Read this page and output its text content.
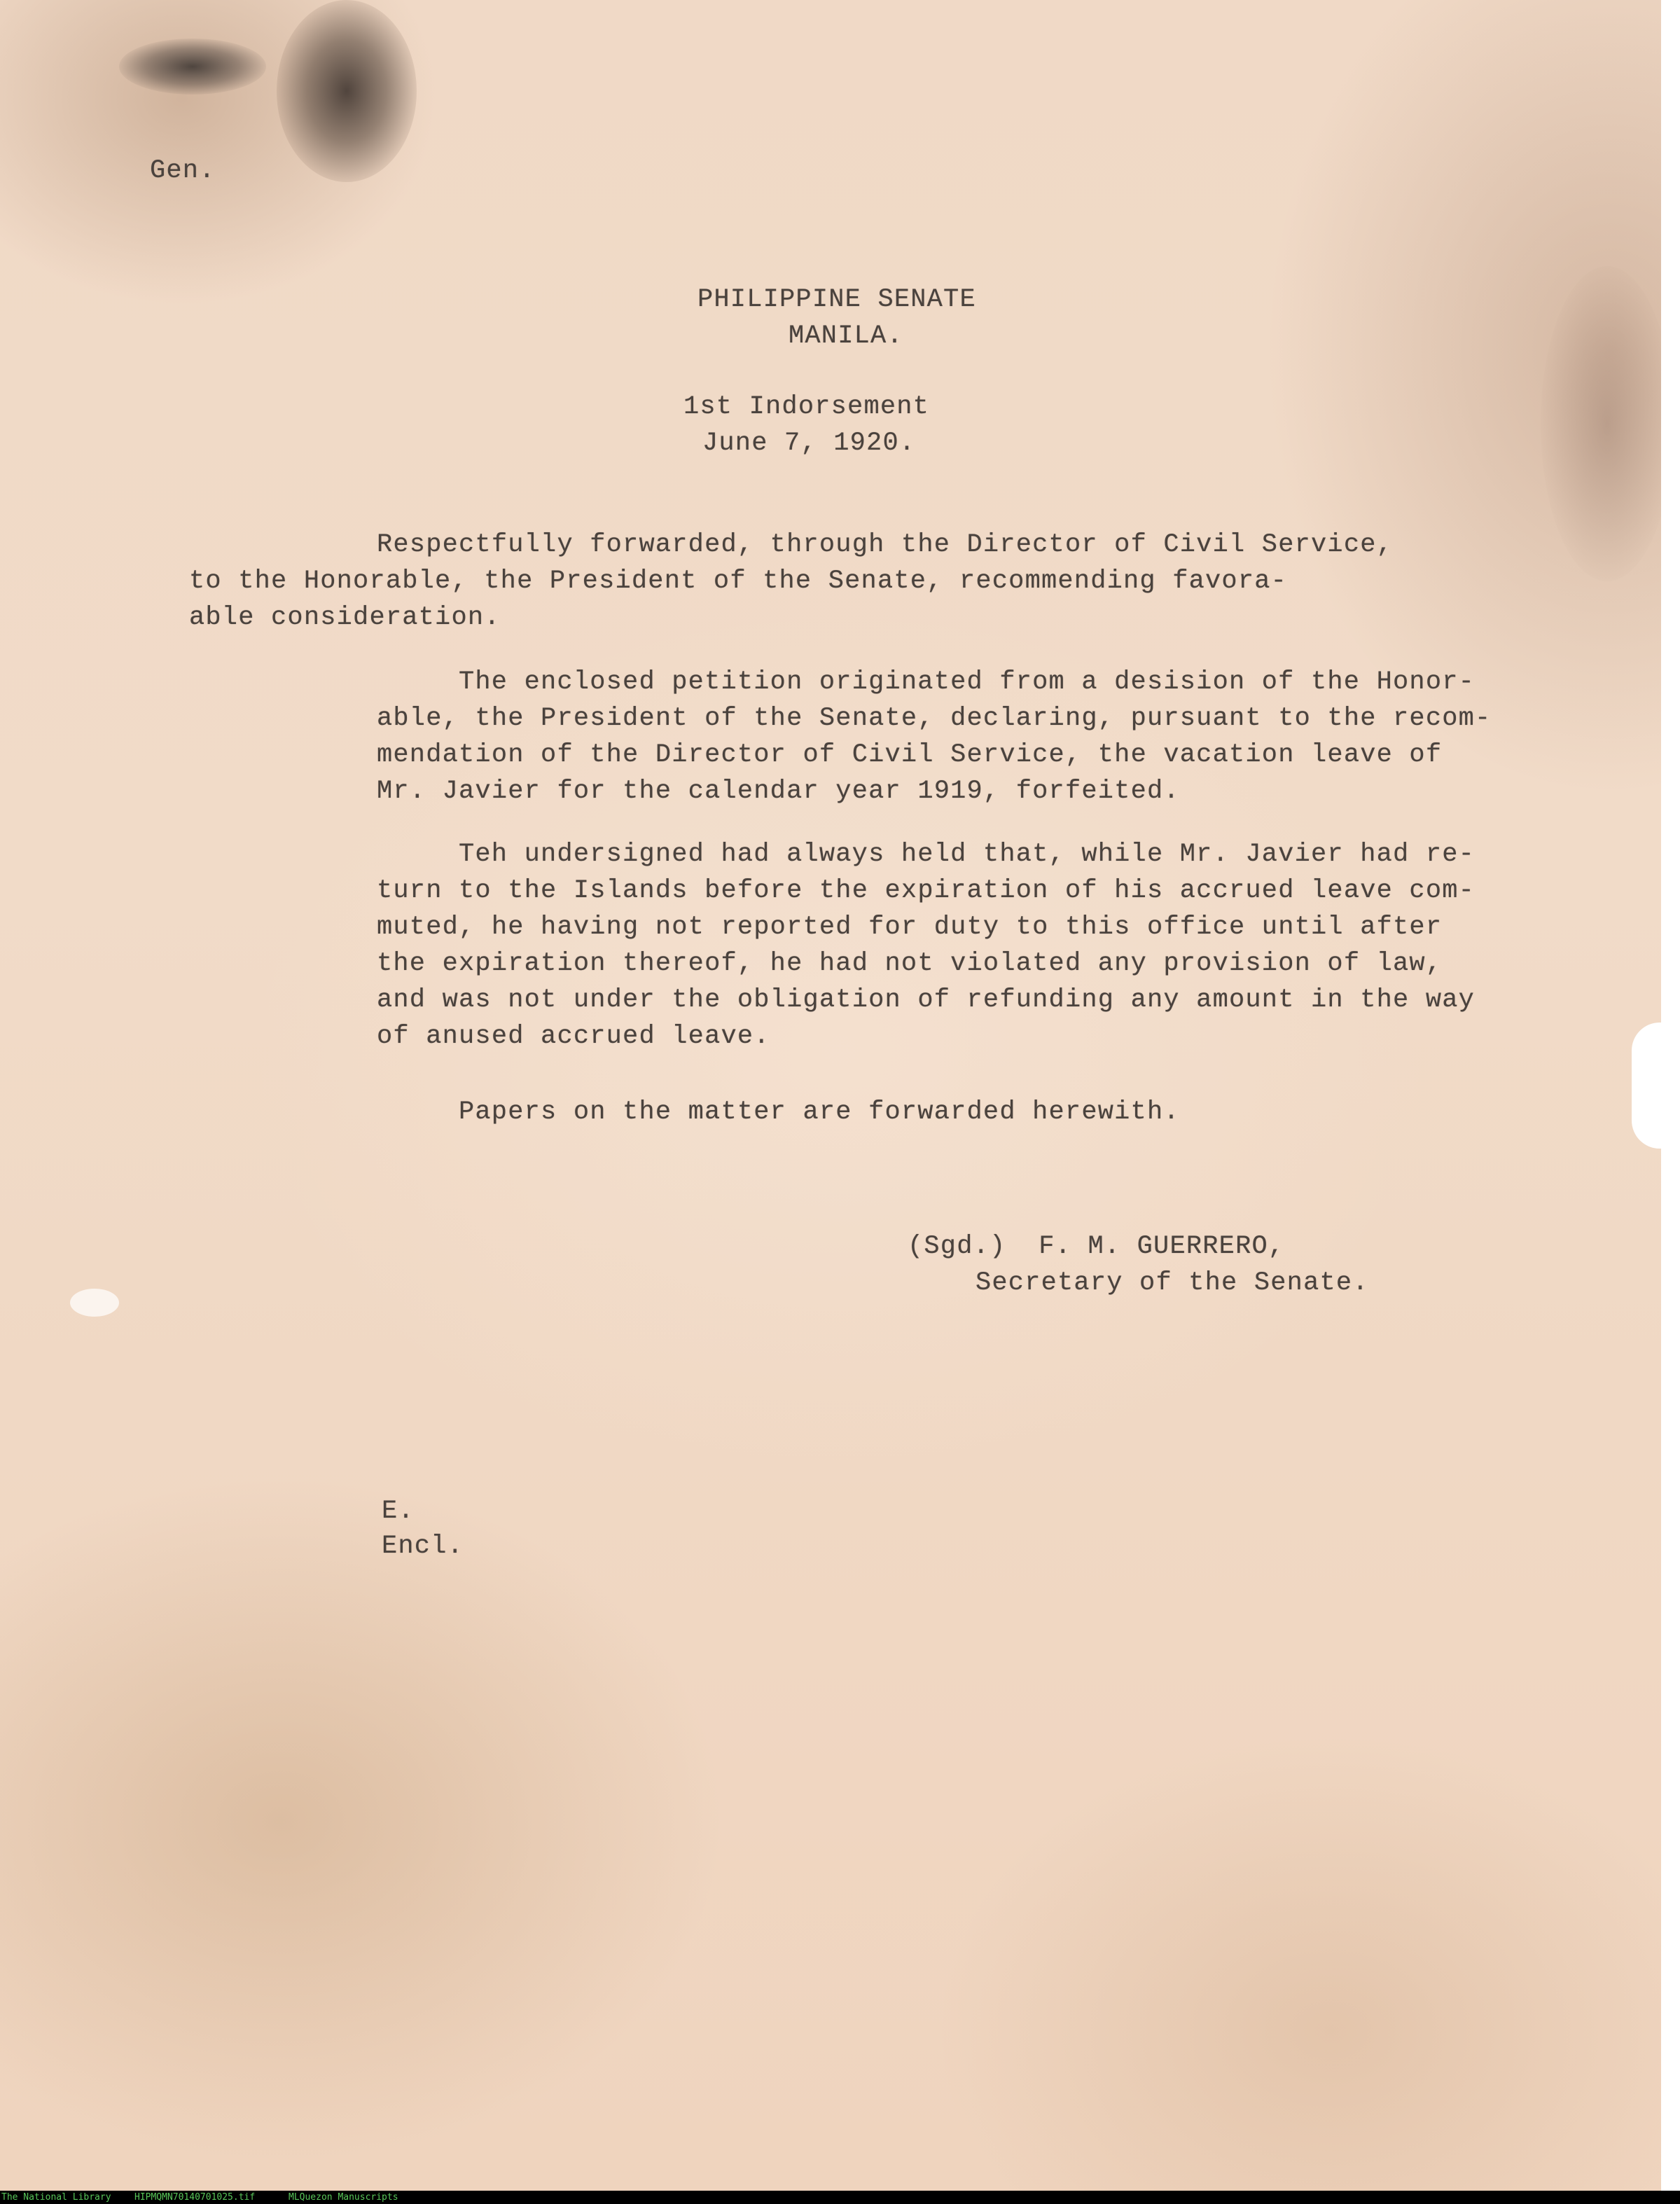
Gen.

PHILIPPINE SENATE

MANILA.

1st Indorsement

June 7, 1920.

Respectfully forwarded, through the Director of Civil Service,
to the Honorable, the President of the Senate, recommending favora-
able consideration.
The enclosed petition originated from a desision of the Honor-
able, the President of the Senate, declaring, pursuant to the recom-
mendation of the Director of Civil Service, the vacation leave of
Mr. Javier for the calendar year 1919, forfeited.
Teh undersigned had always held that, while Mr. Javier had re-
turn to the Islands before the expiration of his accrued leave com-
muted, he having not reported for duty to this office until after
the expiration thereof, he had not violated any provision of law,
and was not under the obligation of refunding any amount in the way
of anused accrued leave.
Papers on the matter are forwarded herewith.

(Sgd.)  F. M. GUERRERO,

Secretary of the Senate.

E.

Encl.

The National Library	HIPMQMN70140701025.tif	MLQuezon Manuscripts
